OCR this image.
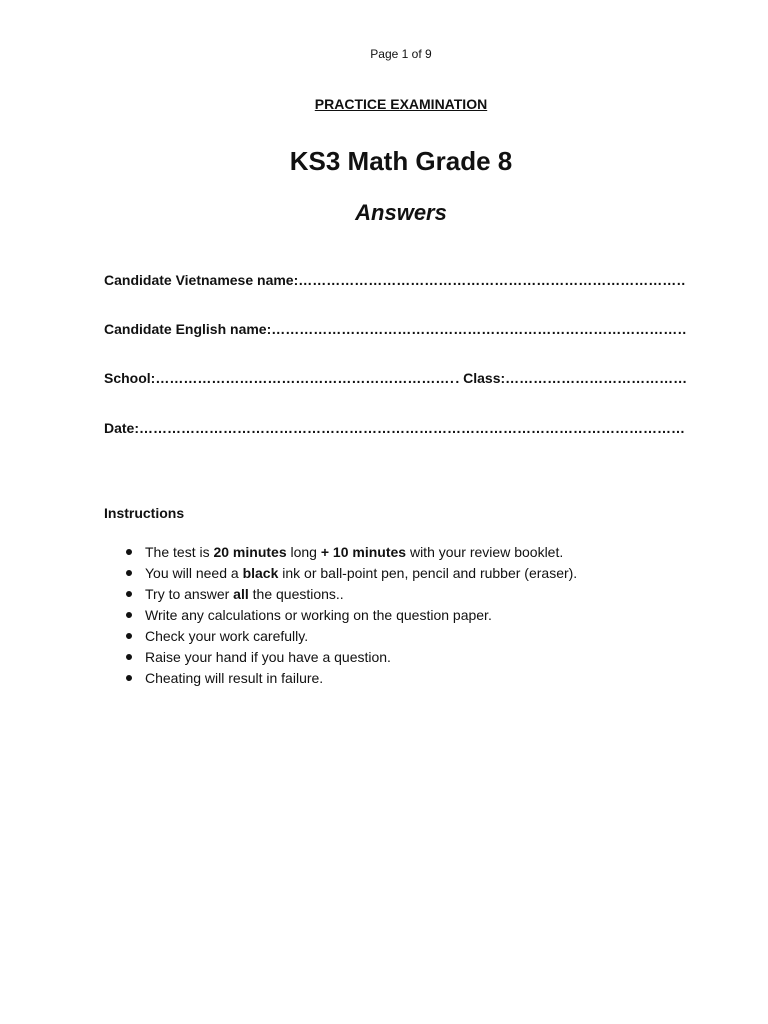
Page 1 of 9
PRACTICE EXAMINATION
KS3 Math Grade 8
Answers
Candidate Vietnamese name:
……………………………………………………………………………………………………………………………………………………
Candidate English name:
……………………………………………………………………………………………………………………………………………………
School:
……………………………………………………………………………………………………………	. Class:
……………………………………………………………………………………………………………………………………………………
Date:
……………………………………………………………………………………………………………………………………………………
Instructions
The test is 20 minutes long + 10 minutes with your review booklet.
You will need a black ink or ball-point pen, pencil and rubber (eraser).
Try to answer all the questions..
Write any calculations or working on the question paper.
Check your work carefully.
Raise your hand if you have a question.
Cheating will result in failure.
